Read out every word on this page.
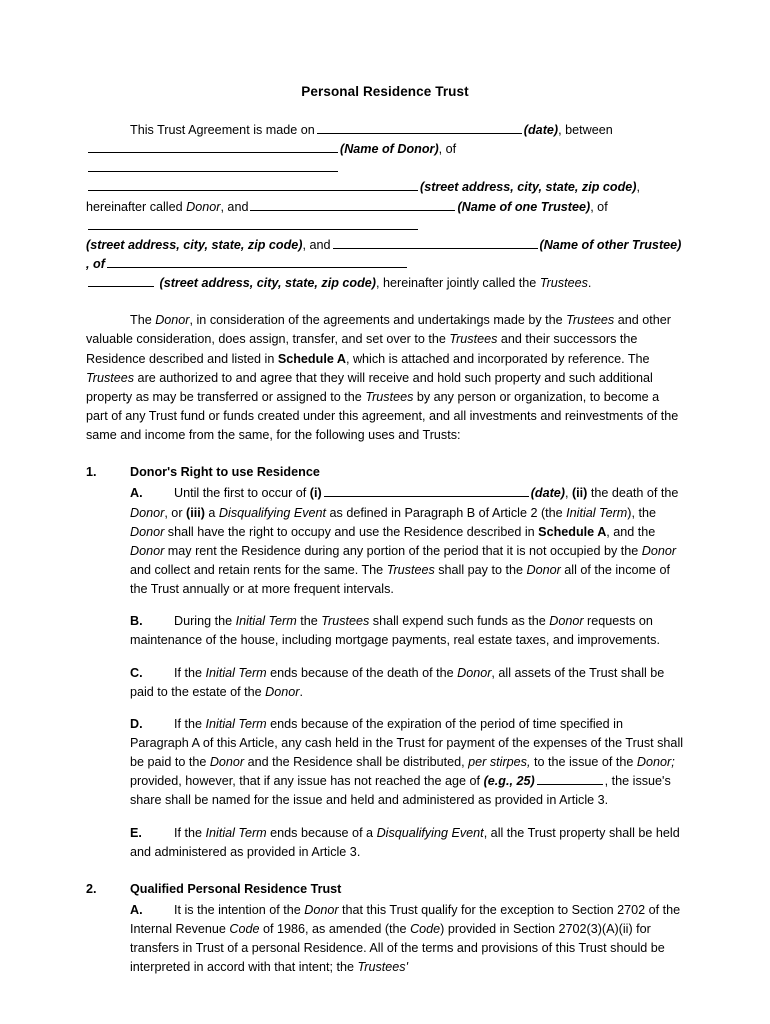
Personal Residence Trust

This Trust Agreement is made on	(date), between
(Name of Donor), of
(street address, city, state, zip code),
hereinafter called Donor, and	(Name of one Trustee), of

(street address, city, state, zip code), and	(Name of other Trustee)
, of
(street address, city, state, zip code), hereinafter jointly called the Trustees.

The Donor, in consideration of the agreements and undertakings made by the Trustees and other valuable consideration, does assign, transfer, and set over to the Trustees and their successors the Residence described and listed in Schedule A, which is attached and incorporated by reference. The Trustees are authorized to and agree that they will receive and hold such property and such additional property as may be transferred or assigned to the Trustees by any person or organization, to become a part of any Trust fund or funds created under this agreement, and all investments and reinvestments of the same and income from the same, for the following uses and Trusts:

1.	Donor's Right to use Residence

A. Until the first to occur of (i)	(date), (ii) the death of the Donor, or (iii) a Disqualifying Event as defined in Paragraph B of Article 2 (the Initial Term), the Donor shall have the right to occupy and use the Residence described in Schedule A, and the Donor may rent the Residence during any portion of the period that it is not occupied by the Donor and collect and retain rents for the same. The Trustees shall pay to the Donor all of the income of the Trust annually or at more frequent intervals.

B. During the Initial Term the Trustees shall expend such funds as the Donor requests on maintenance of the house, including mortgage payments, real estate taxes, and improvements.

C. If the Initial Term ends because of the death of the Donor, all assets of the Trust shall be paid to the estate of the Donor.

D. If the Initial Term ends because of the expiration of the period of time specified in Paragraph A of this Article, any cash held in the Trust for payment of the expenses of the Trust shall be paid to the Donor and the Residence shall be distributed, per stirpes, to the issue of the Donor; provided, however, that if any issue has not reached the age of (e.g., 25)	, the issue's share shall be named for the issue and held and administered as provided in Article 3.

E.	If the Initial Term ends because of a Disqualifying Event, all the Trust property shall be held and administered as provided in Article 3.

2.	Qualified Personal Residence Trust

A. It is the intention of the Donor that this Trust qualify for the exception to Section 2702 of the Internal Revenue Code of 1986, as amended (the Code) provided in Section 2702(3)(A)(ii) for transfers in Trust of a personal Residence. All of the terms and provisions of this Trust should be interpreted in accord with that intent; the Trustees'
